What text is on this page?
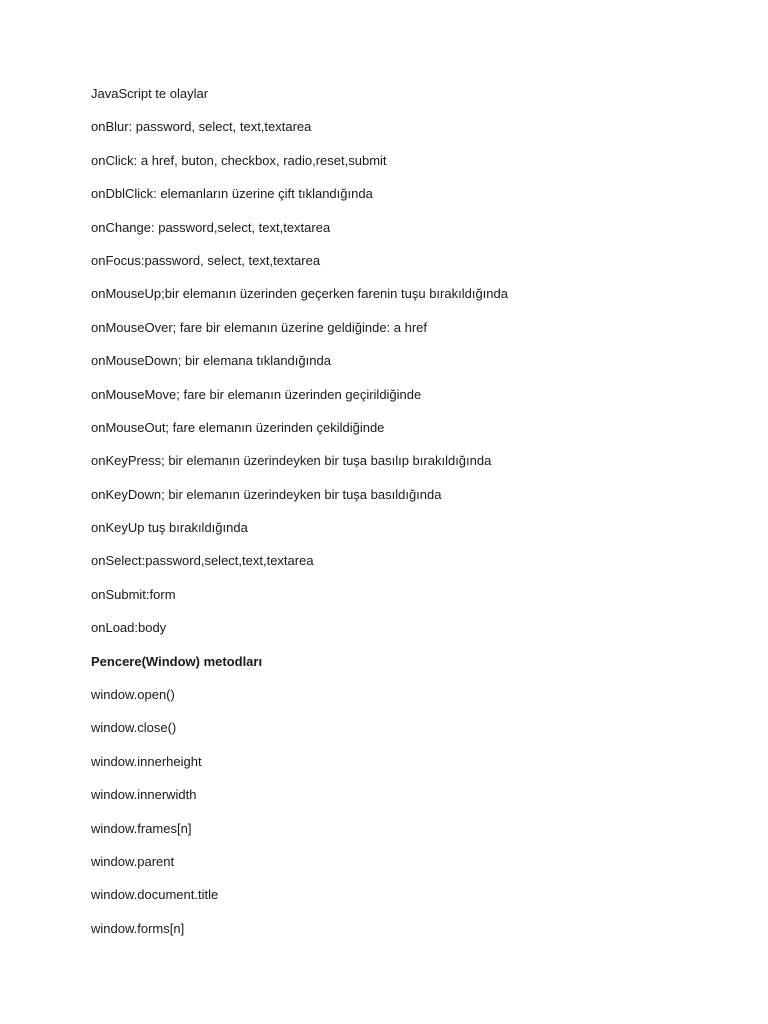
JavaScript te olaylar
onBlur: password, select, text,textarea
onClick: a href, buton, checkbox, radio,reset,submit
onDblClick: elemanların üzerine çift tıklandığında
onChange: password,select, text,textarea
onFocus:password, select, text,textarea
onMouseUp;bir elemanın üzerinden geçerken farenin tuşu bırakıldığında
onMouseOver; fare bir elemanın üzerine geldiğinde: a href
onMouseDown; bir elemana tıklandığında
onMouseMove; fare bir elemanın üzerinden geçirildiğinde
onMouseOut; fare elemanın üzerinden çekildiğinde
onKeyPress; bir elemanın üzerindeyken bir tuşa basılıp bırakıldığında
onKeyDown; bir elemanın üzerindeyken bir tuşa basıldığında
onKeyUp tuş bırakıldığında
onSelect:password,select,text,textarea
onSubmit:form
onLoad:body
Pencere(Window) metodları
window.open()
window.close()
window.innerheight
window.innerwidth
window.frames[n]
window.parent
window.document.title
window.forms[n]
